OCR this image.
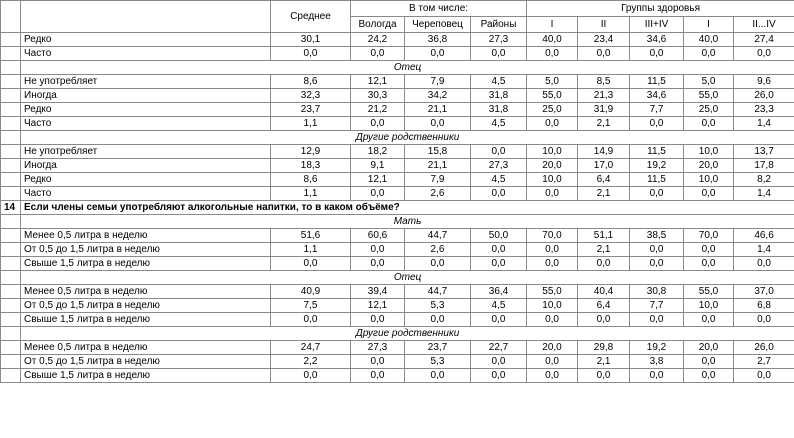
		Среднее	В том числе:			Группы здоровья				
			Вологда	Череповец	Районы	I	II	III+IV	I	II...IV
	Редко	30,1	24,2	36,8	27,3	40,0	23,4	34,6	40,0	27,4
	Часто	0,0	0,0	0,0	0,0	0,0	0,0	0,0	0,0	0,0
	Отец									
	Не употребляет	8,6	12,1	7,9	4,5	5,0	8,5	11,5	5,0	9,6
	Иногда	32,3	30,3	34,2	31,8	55,0	21,3	34,6	55,0	26,0
	Редко	23,7	21,2	21,1	31,8	25,0	31,9	7,7	25,0	23,3
	Часто	1,1	0,0	0,0	4,5	0,0	2,1	0,0	0,0	1,4
	Другие родственники									
	Не употребляет	12,9	18,2	15,8	0,0	10,0	14,9	11,5	10,0	13,7
	Иногда	18,3	9,1	21,1	27,3	20,0	17,0	19,2	20,0	17,8
	Редко	8,6	12,1	7,9	4,5	10,0	6,4	11,5	10,0	8,2
	Часто	1,1	0,0	2,6	0,0	0,0	2,1	0,0	0,0	1,4
14	Если члены семьи употребляют алкогольные напитки, то в каком объёме?									
	Мать									
	Менее 0,5 литра в неделю	51,6	60,6	44,7	50,0	70,0	51,1	38,5	70,0	46,6
	От 0,5 до 1,5 литра в неделю	1,1	0,0	2,6	0,0	0,0	2,1	0,0	0,0	1,4
	Свыше 1,5 литра в неделю	0,0	0,0	0,0	0,0	0,0	0,0	0,0	0,0	0,0
	Отец									
	Менее 0,5 литра в неделю	40,9	39,4	44,7	36,4	55,0	40,4	30,8	55,0	37,0
	От 0,5 до 1,5 литра в неделю	7,5	12,1	5,3	4,5	10,0	6,4	7,7	10,0	6,8
	Свыше 1,5 литра в неделю	0,0	0,0	0,0	0,0	0,0	0,0	0,0	0,0	0,0
	Другие родственники									
	Менее 0,5 литра в неделю	24,7	27,3	23,7	22,7	20,0	29,8	19,2	20,0	26,0
	От 0,5 до 1,5 литра в неделю	2,2	0,0	5,3	0,0	0,0	2,1	3,8	0,0	2,7
	Свыше 1,5 литра в неделю	0,0	0,0	0,0	0,0	0,0	0,0	0,0	0,0	0,0
